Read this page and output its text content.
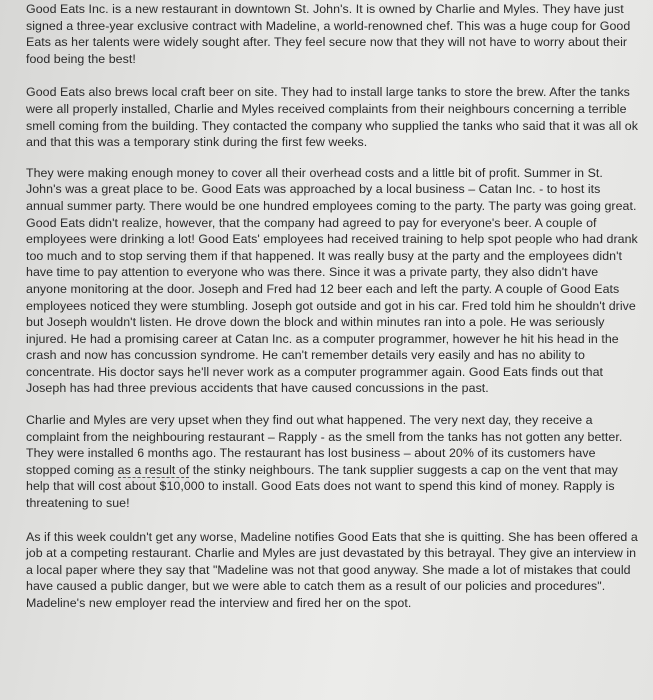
Good Eats Inc. is a new restaurant in downtown St. John's. It is owned by Charlie and Myles. They have just signed a three-year exclusive contract with Madeline, a world-renowned chef. This was a huge coup for Good Eats as her talents were widely sought after. They feel secure now that they will not have to worry about their food being the best!

Good Eats also brews local craft beer on site. They had to install large tanks to store the brew. After the tanks were all properly installed, Charlie and Myles received complaints from their neighbours concerning a terrible smell coming from the building. They contacted the company who supplied the tanks who said that it was all ok and that this was a temporary stink during the first few weeks.

They were making enough money to cover all their overhead costs and a little bit of profit. Summer in St. John's was a great place to be. Good Eats was approached by a local business – Catan Inc. - to host its annual summer party. There would be one hundred employees coming to the party. The party was going great. Good Eats didn't realize, however, that the company had agreed to pay for everyone's beer. A couple of employees were drinking a lot! Good Eats' employees had received training to help spot people who had drank too much and to stop serving them if that happened. It was really busy at the party and the employees didn't have time to pay attention to everyone who was there. Since it was a private party, they also didn't have anyone monitoring at the door. Joseph and Fred had 12 beer each and left the party. A couple of Good Eats employees noticed they were stumbling. Joseph got outside and got in his car. Fred told him he shouldn't drive but Joseph wouldn't listen. He drove down the block and within minutes ran into a pole. He was seriously injured. He had a promising career at Catan Inc. as a computer programmer, however he hit his head in the crash and now has concussion syndrome. He can't remember details very easily and has no ability to concentrate. His doctor says he'll never work as a computer programmer again. Good Eats finds out that Joseph has had three previous accidents that have caused concussions in the past.

Charlie and Myles are very upset when they find out what happened. The very next day, they receive a complaint from the neighbouring restaurant – Rapply - as the smell from the tanks has not gotten any better. They were installed 6 months ago. The restaurant has lost business – about 20% of its customers have stopped coming as a result of the stinky neighbours. The tank supplier suggests a cap on the vent that may help that will cost about $10,000 to install. Good Eats does not want to spend this kind of money. Rapply is threatening to sue!

As if this week couldn't get any worse, Madeline notifies Good Eats that she is quitting. She has been offered a job at a competing restaurant. Charlie and Myles are just devastated by this betrayal. They give an interview in a local paper where they say that "Madeline was not that good anyway. She made a lot of mistakes that could have caused a public danger, but we were able to catch them as a result of our policies and procedures". Madeline's new employer read the interview and fired her on the spot.
